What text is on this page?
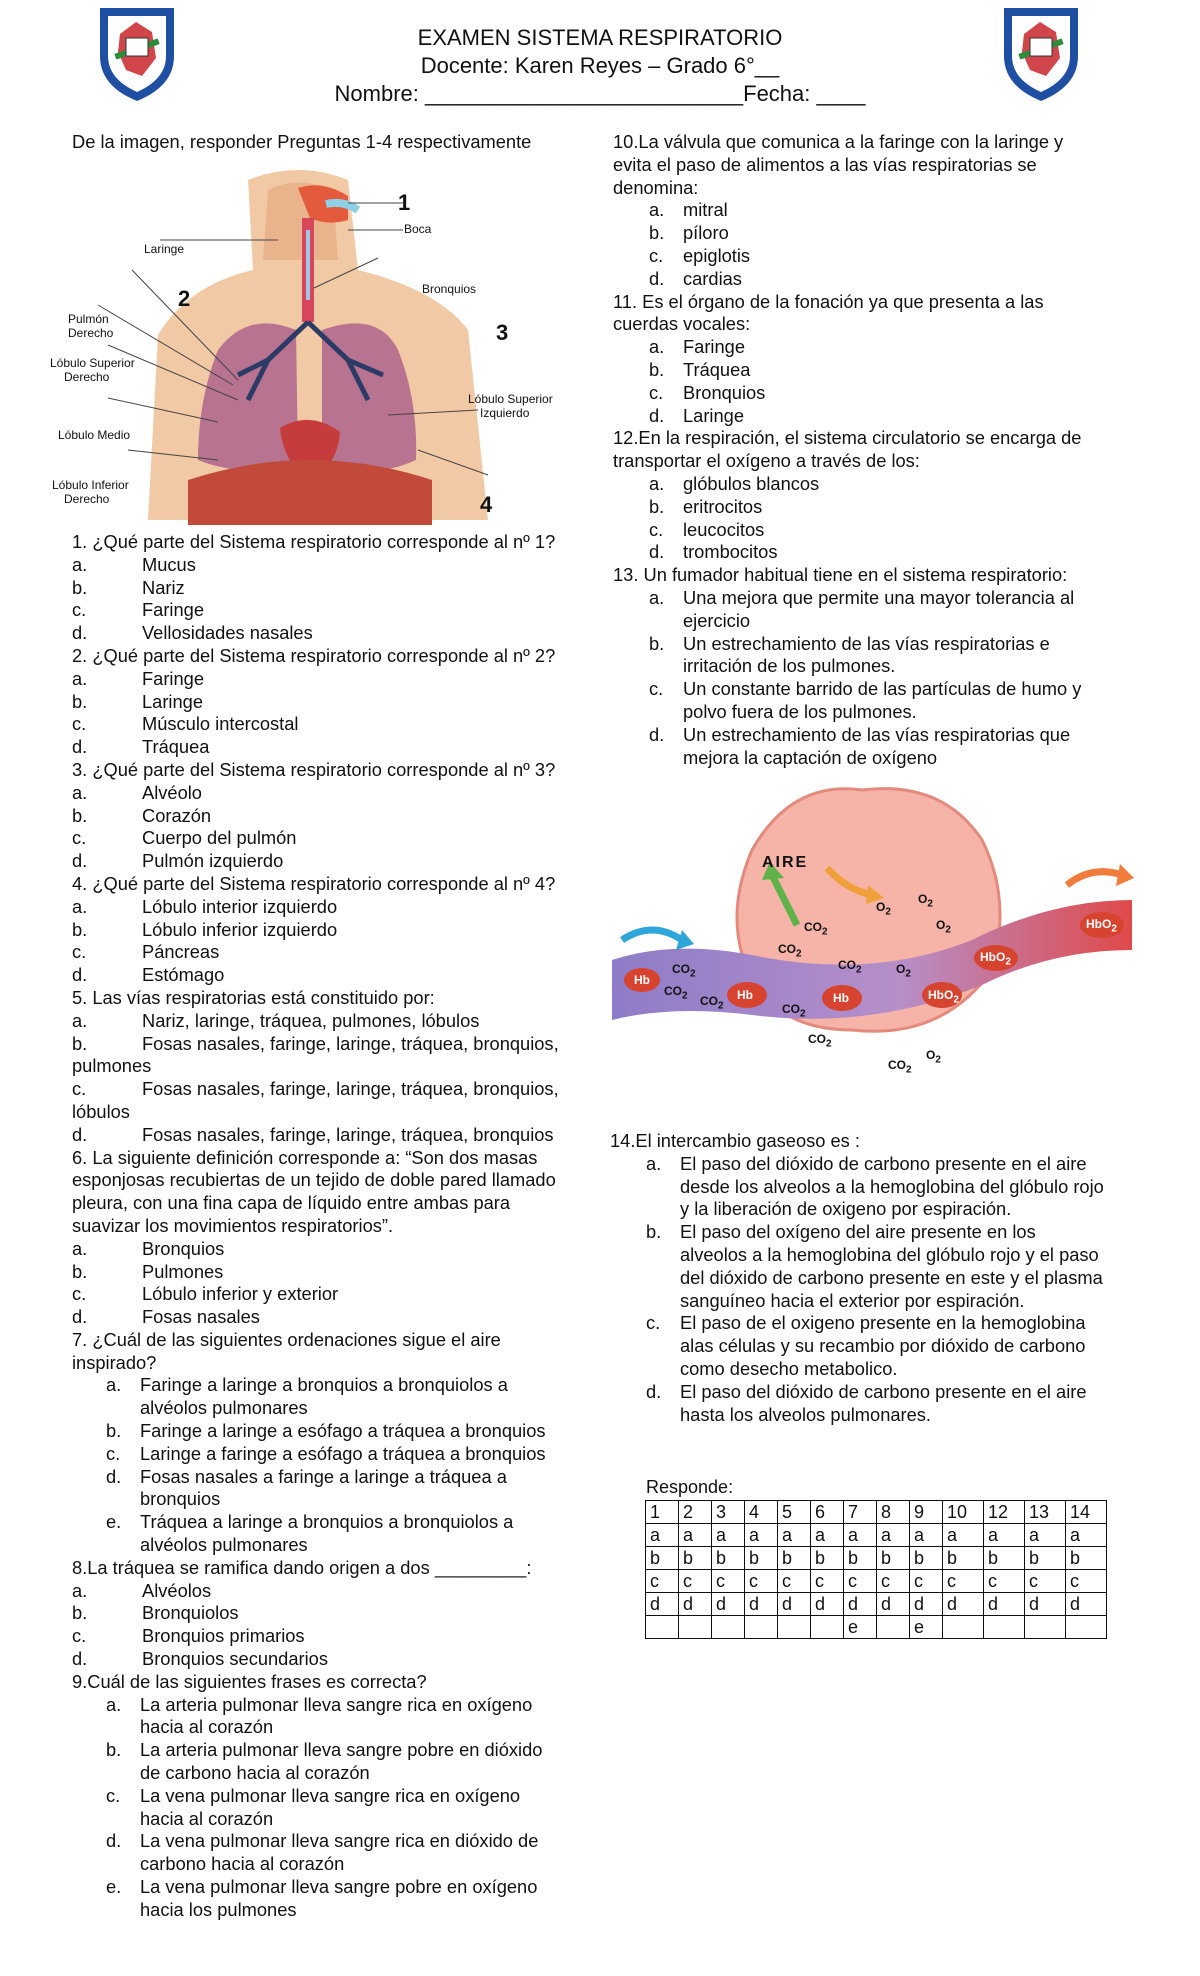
EXAMEN SISTEMA RESPIRATORIO
Docente: Karen Reyes – Grado 6°__
Nombre: __________________________Fecha: ____
De la imagen, responder Preguntas 1-4 respectivamente
1
2
3
4
Laringe
Boca
Bronquios
Pulmón
Derecho
Lóbulo Superior
Derecho
Lóbulo Medio
Lóbulo Inferior
Derecho
Lóbulo Superior
Izquierdo
1. ¿Qué parte del Sistema respiratorio corresponde al nº 1?
a.	Mucus
b.	Nariz
c.	Faringe
d.	Vellosidades nasales
2. ¿Qué parte del Sistema respiratorio corresponde al nº 2?
a.	Faringe
b.	Laringe
c.	Músculo intercostal
d.	Tráquea
3. ¿Qué parte del Sistema respiratorio corresponde al nº 3?
a.	Alvéolo
b.	Corazón
c.	Cuerpo del pulmón
d.	Pulmón izquierdo
4. ¿Qué parte del Sistema respiratorio corresponde al nº 4?
a.	Lóbulo interior izquierdo
b.	Lóbulo inferior izquierdo
c.	Páncreas
d.	Estómago
5. Las vías respiratorias está constituido por:
a.	Nariz, laringe, tráquea, pulmones, lóbulos
b.	Fosas nasales, faringe, laringe, tráquea, bronquios,
pulmones
c.	Fosas nasales, faringe, laringe, tráquea, bronquios,
lóbulos
d.	Fosas nasales, faringe, laringe, tráquea, bronquios
6. La siguiente definición corresponde a: “Son dos masas
esponjosas recubiertas de un tejido de doble pared llamado
pleura, con una fina capa de líquido entre ambas para
suavizar los movimientos respiratorios”.
a.	Bronquios
b.	Pulmones
c.	Lóbulo inferior y exterior
d.	Fosas nasales
7. ¿Cuál de las siguientes ordenaciones sigue el aire
inspirado?
a.	Faringe a laringe a bronquios a bronquiolos a
alvéolos pulmonares
b.	Faringe a laringe a esófago a tráquea a bronquios
c.	Laringe a faringe a esófago a tráquea a bronquios
d.	Fosas nasales a faringe a laringe a tráquea a
bronquios
e.	Tráquea a laringe a bronquios a bronquiolos a
alvéolos pulmonares
8.La tráquea se ramifica dando origen a dos _________:
a.	Alvéolos
b.	Bronquiolos
c.	Bronquios primarios
d.	Bronquios secundarios
9.Cuál de las siguientes frases es correcta?
a.	La arteria pulmonar lleva sangre rica en oxígeno
hacia al corazón
b.	La arteria pulmonar lleva sangre pobre en dióxido
de carbono hacia al corazón
c.	La vena pulmonar lleva sangre rica en oxígeno
hacia al corazón
d.	La vena pulmonar lleva sangre rica en dióxido de
carbono hacia al corazón
e.	La vena pulmonar lleva sangre pobre en oxígeno
hacia los pulmones
10.La válvula que comunica a la faringe con la laringe y
evita el paso de alimentos a las vías respiratorias se
denomina:
a.	mitral
b.	píloro
c.	epiglotis
d.	cardias
11. Es el órgano de la fonación ya que presenta a las
cuerdas vocales:
a.	Faringe
b.	Tráquea
c.	Bronquios
d.	Laringe
12.En la respiración, el sistema circulatorio se encarga de
transportar el oxígeno a través de los:
a.	glóbulos blancos
b.	eritrocitos
c.	leucocitos
d.	trombocitos
13. Un fumador habitual tiene en el sistema respiratorio:
a.	Una mejora que permite una mayor tolerancia al
ejercicio
b.	Un estrechamiento de las vías respiratorias e
irritación de los pulmones.
c.	Un constante barrido de las partículas de humo y
polvo fuera de los pulmones.
d.	Un estrechamiento de las vías respiratorias que
mejora la captación de oxígeno
AIRE
Hb
Hb	Hb	HbO$_2$
HbO$_2$
HbO$_2$
$CO_2$
$CO_2$
$CO_2$
$CO_2$
$CO_2$ $CO_2$	$CO_2$
$CO_2$
$CO_2$
$O_2$
$O_2$
$O_2$
$O_2$
$O_2$
14.El intercambio gaseoso es :
a.	El paso del dióxido de carbono presente en el aire
desde los alveolos a la hemoglobina del glóbulo rojo
y la liberación de oxigeno por espiración.
b.	El paso del oxígeno del aire presente en los
alveolos a la hemoglobina del glóbulo rojo y el paso
del dióxido de carbono presente en este y el plasma
sanguíneo hacia el exterior por espiración.
c.	El paso de el oxigeno presente en la hemoglobina
alas células y su recambio por dióxido de carbono
como desecho metabolico.
d.	El paso del dióxido de carbono presente en el aire
hasta los alveolos pulmonares.
Responde:
1	2	3	4	5	6	7	8	9	10	12	13	14
a	a	a	a	a	a	a	a	a	a	a	a	a
b	b	b	b	b	b	b	b	b	b	b	b	b
c	c	c	c	c	c	c	c	c	c	c	c	c
d	d	d	d	d	d	d	d	d	d	d	d	d
						e		e				
